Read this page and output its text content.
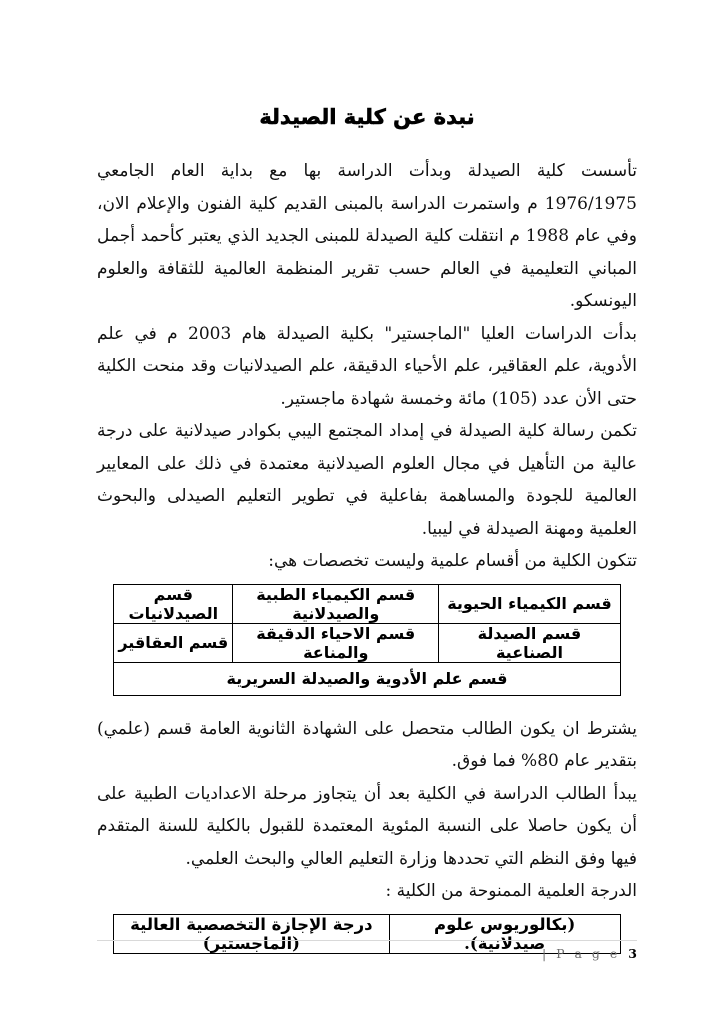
نبدة عن كلية الصيدلة

تأسست كلية الصيدلة وبدأت الدراسة بها مع بداية العام الجامعي 1976/1975 م واستمرت الدراسة بالمبنى القديم كلية الفنون والإعلام الان، وفي عام 1988 م انتقلت كلية الصيدلة للمبنى الجديد الذي يعتبر كأحمد أجمل المباني التعليمية في العالم حسب تقرير المنظمة العالمية للثقافة والعلوم اليونسكو.

بدأت الدراسات العليا "الماجستير" بكلية الصيدلة هام 2003 م في علم الأدوية، علم العقاقير، علم الأحياء الدقيقة، علم الصيدلانيات وقد منحت الكلية حتى الأن عدد (105) مائة وخمسة شهادة ماجستير.

تكمن رسالة كلية الصيدلة في إمداد المجتمع اليبي بكوادر صيدلانية على درجة عالية من التأهيل في مجال العلوم الصيدلانية معتمدة في ذلك على المعايير العالمية للجودة والمساهمة بفاعلية في تطوير التعليم الصيدلى والبحوث العلمية ومهنة الصيدلة في ليبيا.

تتكون الكلية من أقسام علمية وليست تخصصات هي:

قسم الكيمياء الحيوية	قسم الكيمياء الطبية والصيدلانية	قسم الصيدلانيات
قسم الصيدلة الصناعية	قسم الاحياء الدقيقة والمناعة	قسم العقاقير
قسم علم الأدوية والصيدلة السريرية		

يشترط ان يكون الطالب متحصل على الشهادة الثانوية العامة قسم (علمي) بتقدير عام 80% فما فوق.

يبدأ الطالب الدراسة في الكلية بعد أن يتجاوز مرحلة الاعداديات الطبية على أن يكون حاصلا على النسبة المئوية المعتمدة للقبول بالكلية للسنة المتقدم فيها وفق النظم التي تحددها وزارة التعليم العالي والبحث العلمي.

الدرجة العلمية الممنوحة من الكلية :

(بكالوريوس علوم صيدلانية).	درجة الإجازة التخصصية العالية (الماجستير)
| P a g e 3
